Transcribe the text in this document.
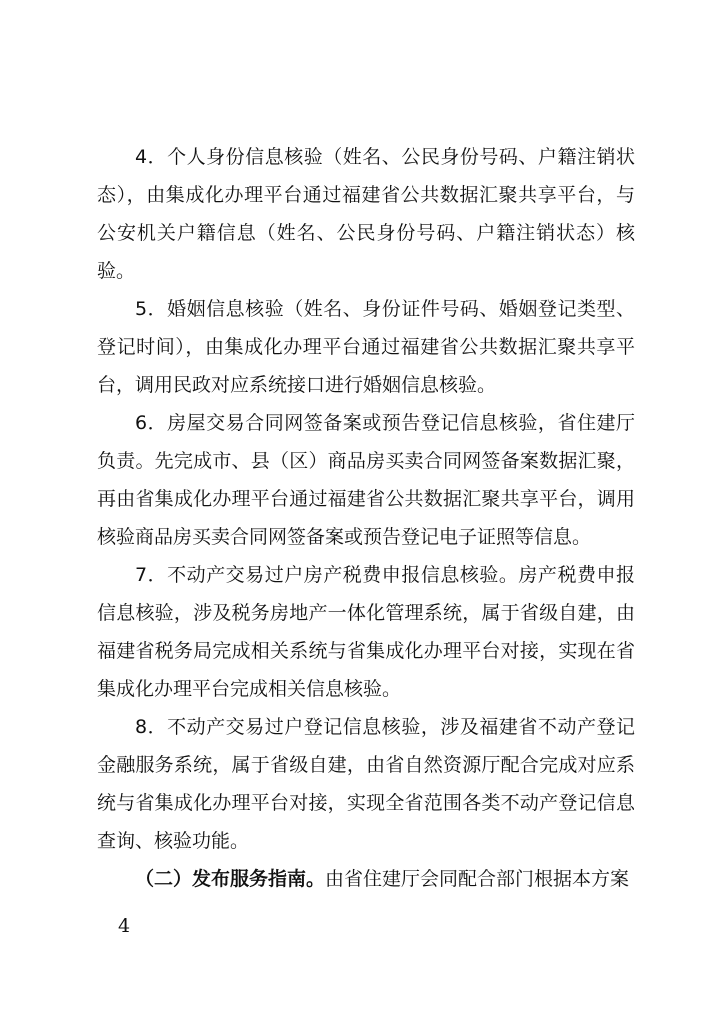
4．个人身份信息核验（姓名、公民身份号码、户籍注销状态），由集成化办理平台通过福建省公共数据汇聚共享平台，与公安机关户籍信息（姓名、公民身份号码、户籍注销状态）核验。

5．婚姻信息核验（姓名、身份证件号码、婚姻登记类型、登记时间），由集成化办理平台通过福建省公共数据汇聚共享平台，调用民政对应系统接口进行婚姻信息核验。

6．房屋交易合同网签备案或预告登记信息核验，省住建厅负责。先完成市、县（区）商品房买卖合同网签备案数据汇聚，再由省集成化办理平台通过福建省公共数据汇聚共享平台，调用核验商品房买卖合同网签备案或预告登记电子证照等信息。

7．不动产交易过户房产税费申报信息核验。房产税费申报信息核验，涉及税务房地产一体化管理系统，属于省级自建，由福建省税务局完成相关系统与省集成化办理平台对接，实现在省集成化办理平台完成相关信息核验。

8．不动产交易过户登记信息核验，涉及福建省不动产登记金融服务系统，属于省级自建，由省自然资源厅配合完成对应系统与省集成化办理平台对接，实现全省范围各类不动产登记信息查询、核验功能。

（二）发布服务指南。由省住建厅会同配合部门根据本方案

4
